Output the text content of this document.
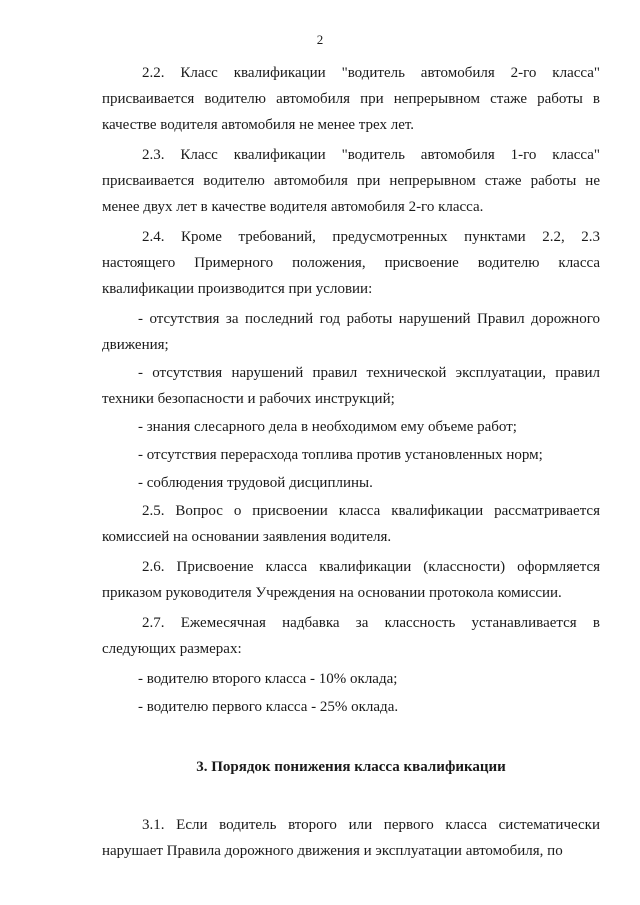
2

2.2. Класс квалификации "водитель автомобиля 2-го класса" присваивается водителю автомобиля при непрерывном стаже работы в качестве водителя автомобиля не менее трех лет.

2.3. Класс квалификации "водитель автомобиля 1-го класса" присваивается водителю автомобиля при непрерывном стаже работы не менее двух лет в качестве водителя автомобиля 2-го класса.

2.4. Кроме требований, предусмотренных пунктами 2.2, 2.3 настоящего Примерного положения, присвоение водителю класса квалификации производится при условии:

- отсутствия за последний год работы нарушений Правил дорожного движения;

- отсутствия нарушений правил технической эксплуатации, правил техники безопасности и рабочих инструкций;

- знания слесарного дела в необходимом ему объеме работ;

- отсутствия перерасхода топлива против установленных норм;

- соблюдения трудовой дисциплины.

2.5. Вопрос о присвоении класса квалификации рассматривается комиссией на основании заявления водителя.

2.6. Присвоение класса квалификации (классности) оформляется приказом руководителя Учреждения на основании протокола комиссии.

2.7. Ежемесячная надбавка за классность устанавливается в следующих размерах:

- водителю второго класса - 10% оклада;

- водителю первого класса - 25% оклада.

3. Порядок понижения класса квалификации

3.1. Если водитель второго или первого класса систематически нарушает Правила дорожного движения и эксплуатации автомобиля, по
